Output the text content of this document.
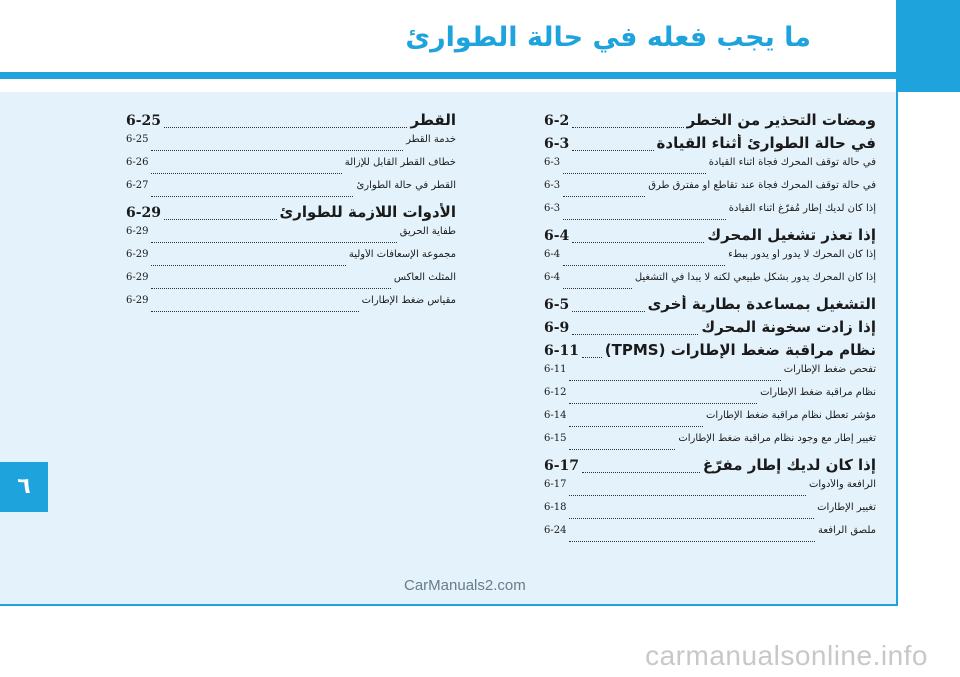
ما يجب فعله في حالة الطوارئ
٦
ومضات التحذير من الخطر
6-2
في حالة الطوارئ أثناء القيادة
6-3
في حالة توقف المحرك فجأة أثناء القيادة
6-3
في حالة توقف المحرك فجأة عند تقاطع أو مفترق طرق
6-3
إذا كان لديك إطار مُفرّغ أثناء القيادة
6-3
إذا تعذر تشغيل المحرك
6-4
إذا كان المحرك لا يدور أو يدور ببطء
6-4
إذا كان المحرك يدور بشكل طبيعي لكنه لا يبدأ في التشغيل
6-4
التشغيل بمساعدة بطارية أخرى
6-5
إذا زادت سخونة المحرك
6-9
نظام مراقبة ضغط الإطارات (TPMS)
6-11
تفحص ضغط الإطارات
6-11
نظام مراقبة ضغط الإطارات
6-12
مؤشر تعطل نظام مراقبة ضغط الإطارات
6-14
تغيير إطار مع وجود نظام مراقبة ضغط الإطارات
6-15
إذا كان لديك إطار مفرّغ
6-17
الرافعة والأدوات
6-17
تغيير الإطارات
6-18
ملصق الرافعة
6-24
القطر
6-25
خدمة القطر
6-25
خطاف القطر القابل للإزالة
6-26
القطر في حالة الطوارئ
6-27
الأدوات اللازمة للطوارئ
6-29
طفاية الحريق
6-29
مجموعة الإسعافات الأولية
6-29
المثلث العاكس
6-29
مقياس ضغط الإطارات
6-29
CarManuals2.com
carmanualsonline.info
